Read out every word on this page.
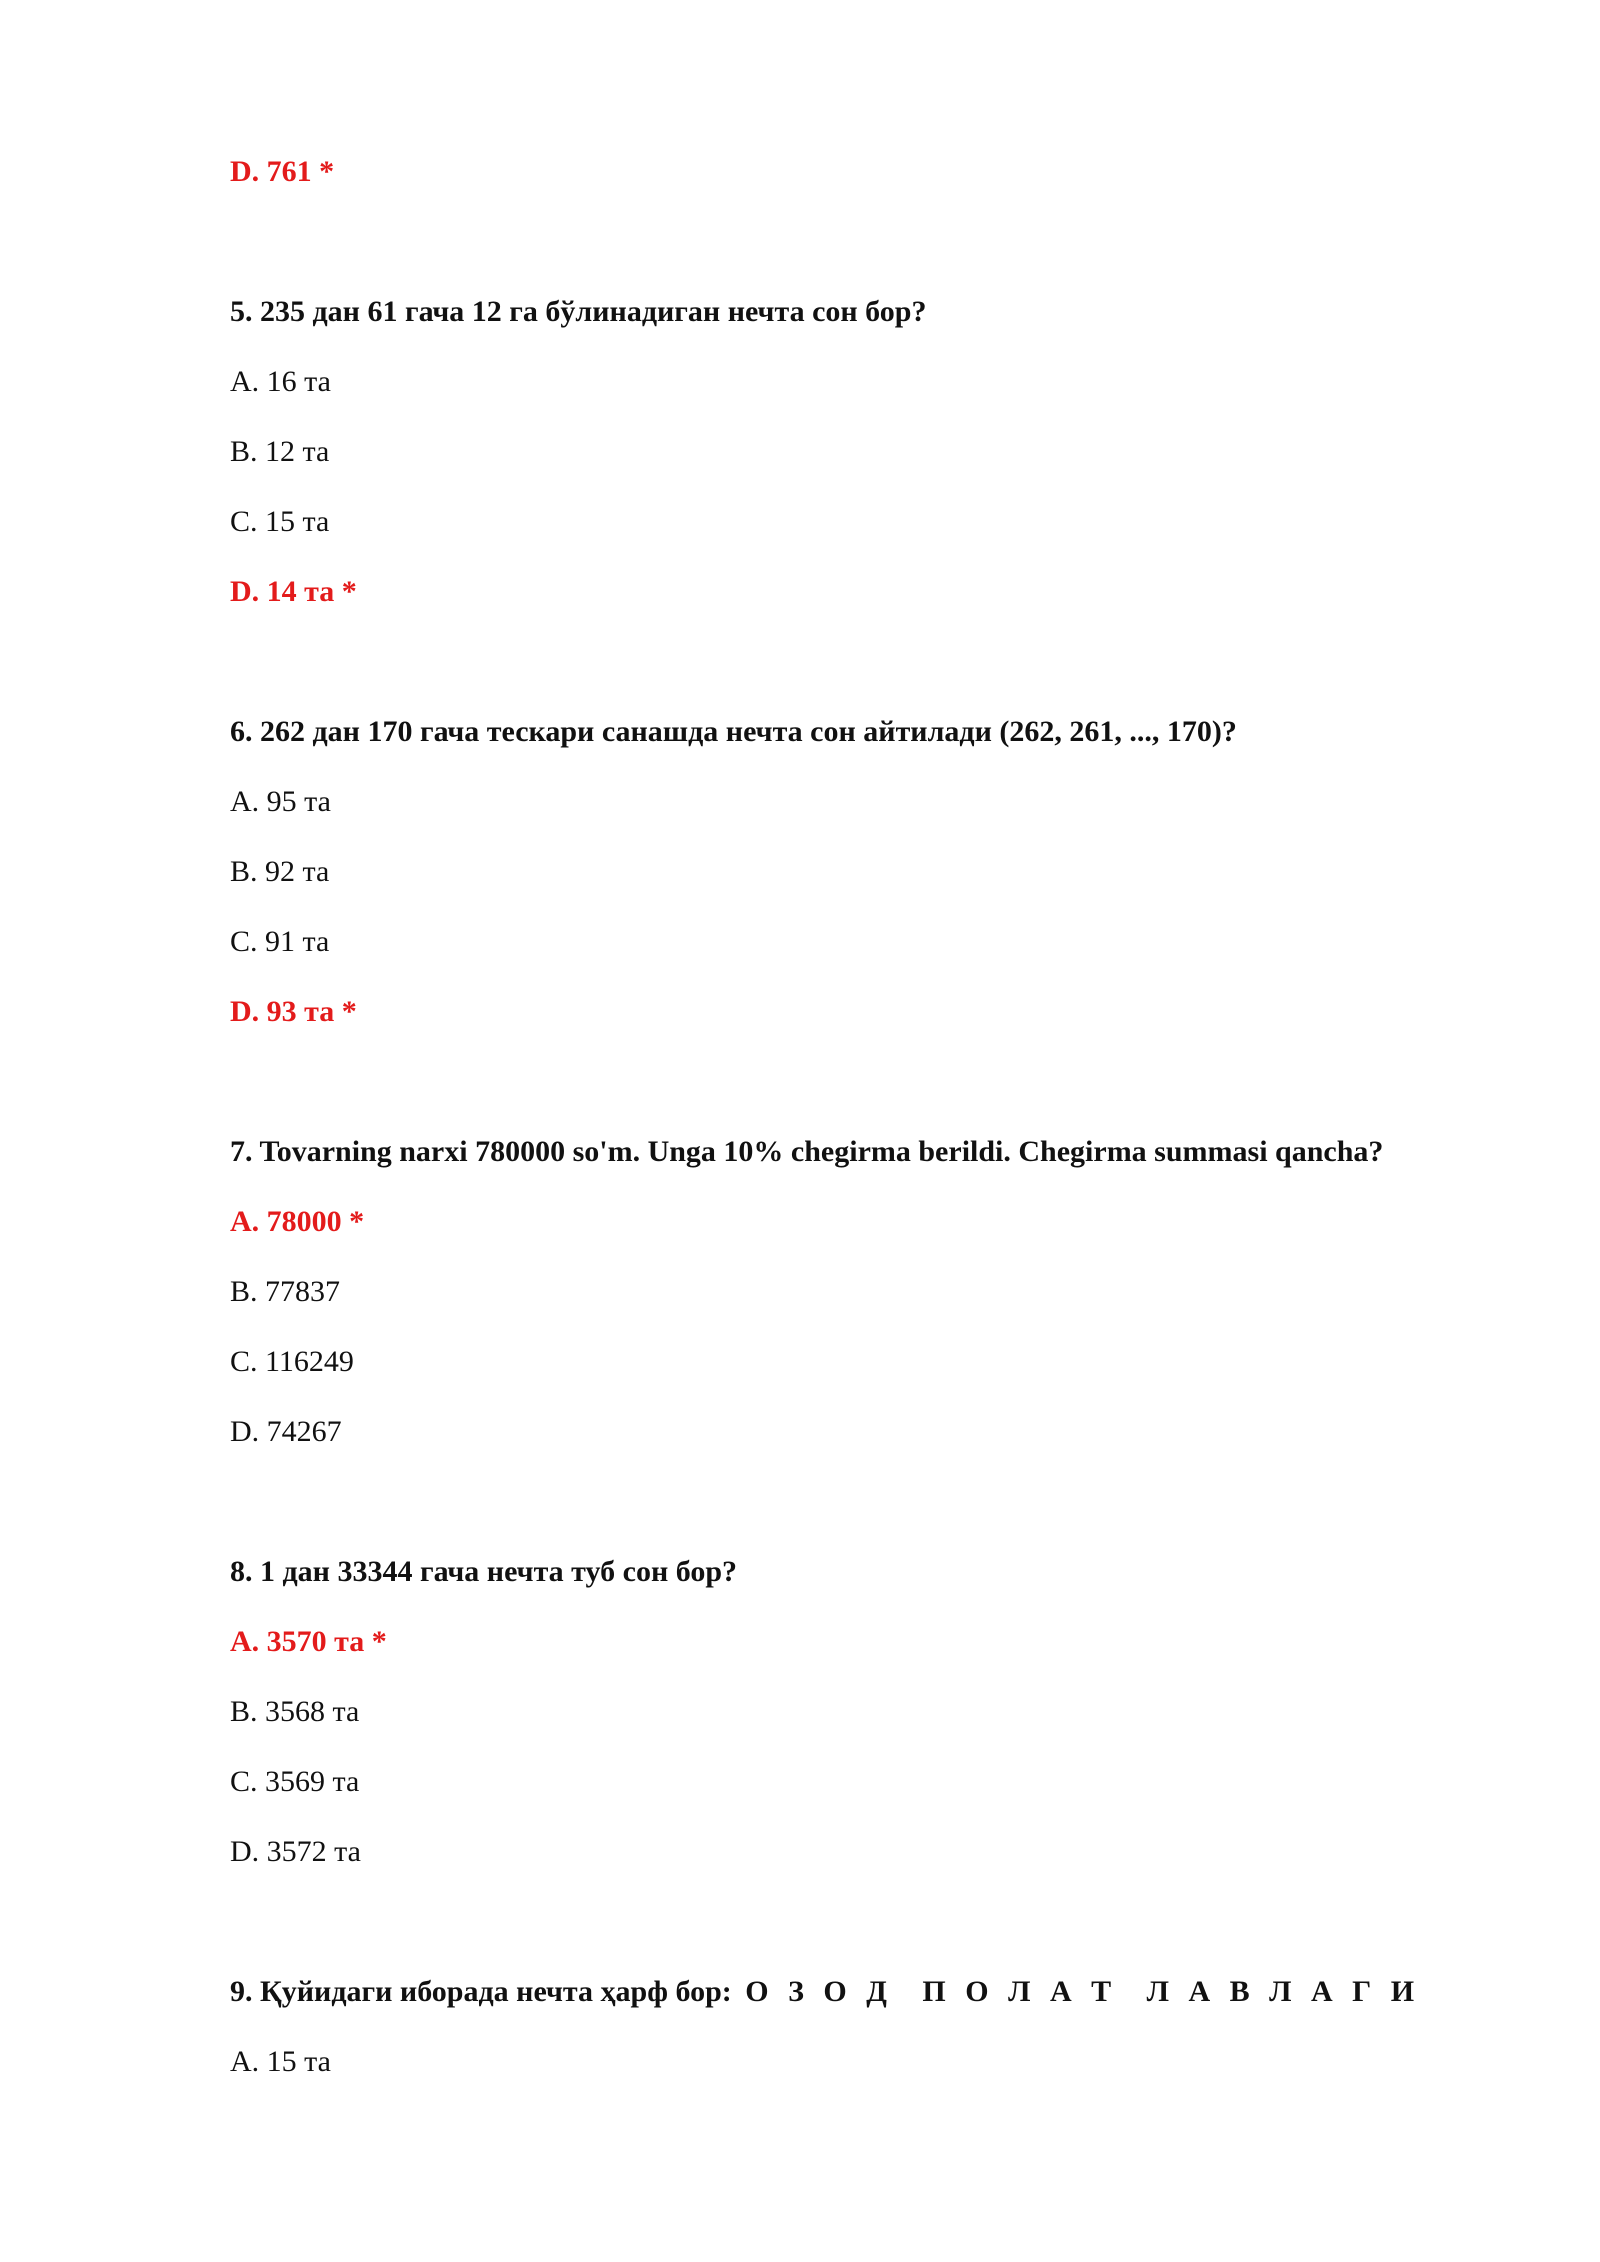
D. 761 *
5. 235 дан 61 гача 12 га бўлинадиган нечта сон бор?
A. 16 та
B. 12 та
C. 15 та
D. 14 та *
6. 262 дан 170 гача тескари санашда нечта сон айтилади (262, 261, ..., 170)?
A. 95 та
B. 92 та
C. 91 та
D. 93 та *
7. Tovarning narxi 780000 so'm. Unga 10% chegirma berildi. Chegirma summasi qancha?
A. 78000 *
B. 77837
C. 116249
D. 74267
8. 1 дан 33344 гача нечта туб сон бор?
A. 3570 та *
B. 3568 та
C. 3569 та
D. 3572 та
9. Қуйидаги иборада нечта ҳарф бор: О З О Д П О Л А Т Л А В Л А Г И
A. 15 та
